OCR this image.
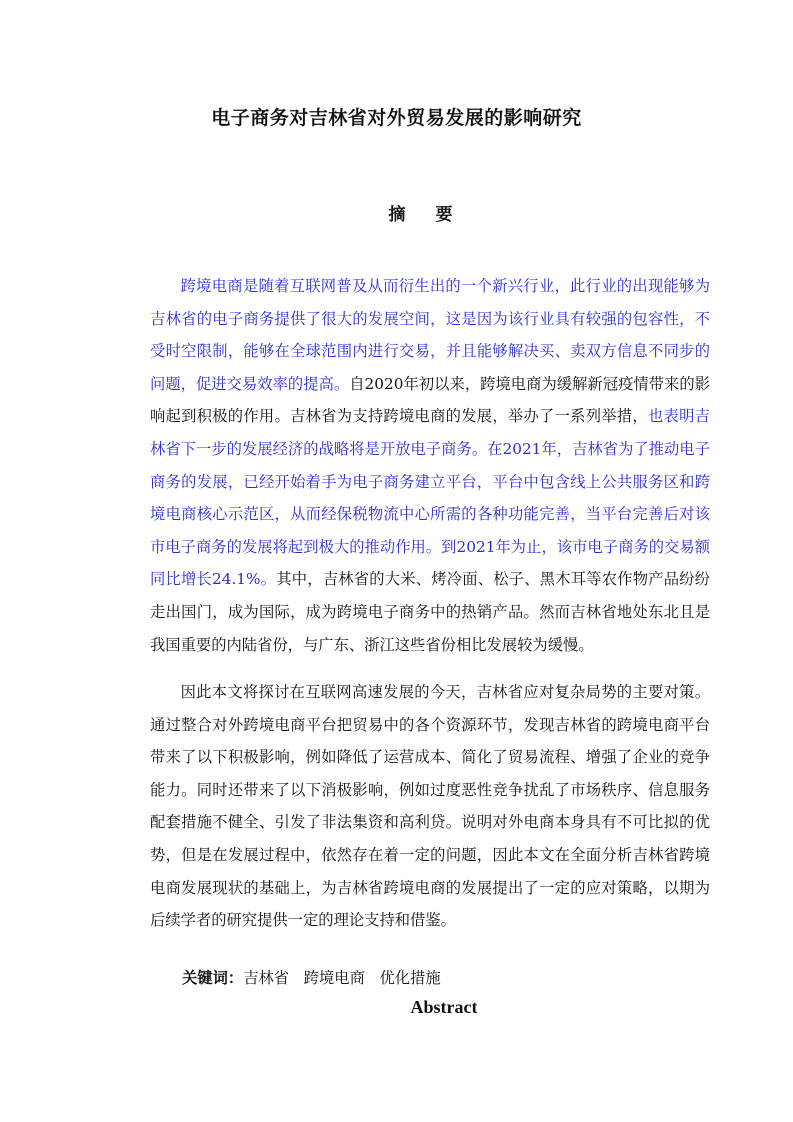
电子商务对吉林省对外贸易发展的影响研究
摘 要

跨境电商是随着互联网普及从而衍生出的一个新兴行业，此行业的出现能够为吉林省的电子商务提供了很大的发展空间，这是因为该行业具有较强的包容性，不受时空限制，能够在全球范围内进行交易，并且能够解决买、卖双方信息不同步的问题，促进交易效率的提高。自2020年初以来，跨境电商为缓解新冠疫情带来的影响起到积极的作用。吉林省为支持跨境电商的发展，举办了一系列举措，也表明吉林省下一步的发展经济的战略将是开放电子商务。在2021年，吉林省为了推动电子商务的发展，已经开始着手为电子商务建立平台，平台中包含线上公共服务区和跨境电商核心示范区，从而经保税物流中心所需的各种功能完善，当平台完善后对该市电子商务的发展将起到极大的推动作用。到2021年为止，该市电子商务的交易额同比增长24.1%。其中，吉林省的大米、烤冷面、松子、黑木耳等农作物产品纷纷走出国门，成为国际，成为跨境电子商务中的热销产品。然而吉林省地处东北且是我国重要的内陆省份，与广东、浙江这些省份相比发展较为缓慢。

因此本文将探讨在互联网高速发展的今天，吉林省应对复杂局势的主要对策。通过整合对外跨境电商平台把贸易中的各个资源环节，发现吉林省的跨境电商平台带来了以下积极影响，例如降低了运营成本、简化了贸易流程、增强了企业的竞争能力。同时还带来了以下消极影响，例如过度恶性竞争扰乱了市场秩序、信息服务配套措施不健全、引发了非法集资和高利贷。说明对外电商本身具有不可比拟的优势，但是在发展过程中，依然存在着一定的问题，因此本文在全面分析吉林省跨境电商发展现状的基础上，为吉林省跨境电商的发展提出了一定的应对策略，以期为后续学者的研究提供一定的理论支持和借鉴。

关键词：吉林省   跨境电商   优化措施
Abstract
